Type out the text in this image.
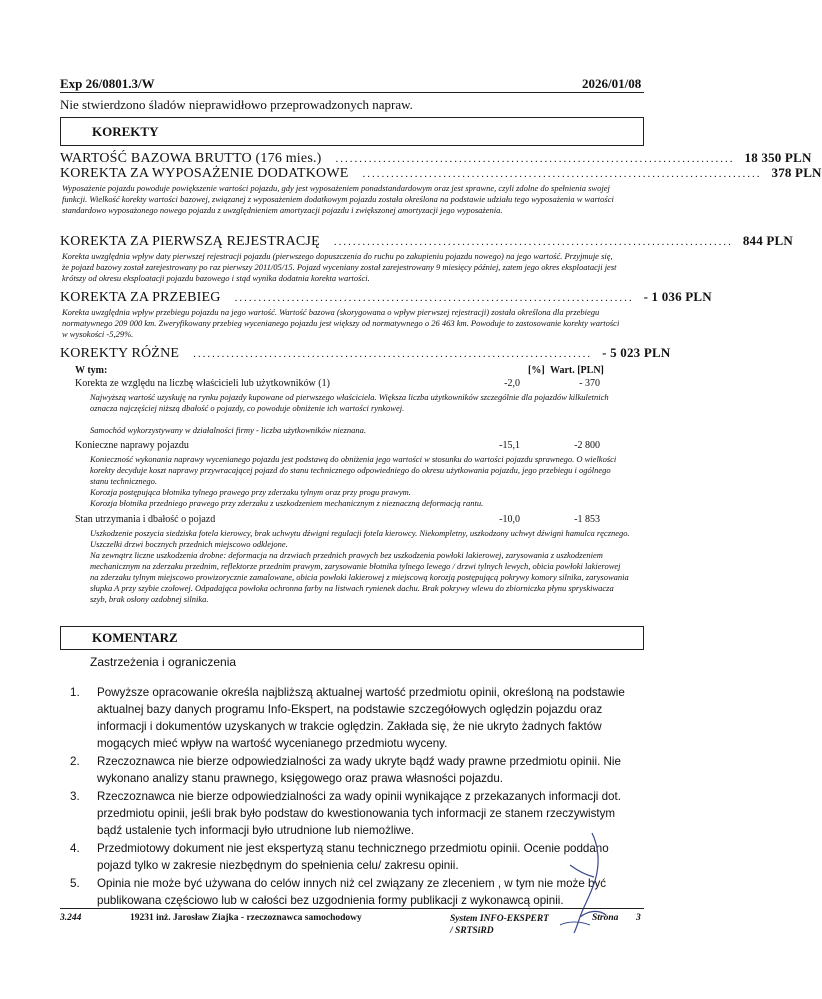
Exp 26/0801.3/W	2026/01/08
Nie stwierdzono śladów nieprawidłowo przeprowadzonych napraw.
KOREKTY
WARTOŚĆ BAZOWA BRUTTO (176 mies.) .................................................................................... 18 350 PLN
KOREKTA ZA WYPOSAŻENIE DODATKOWE .................................................................................... 378 PLN
Wyposażenie pojazdu powoduje powiększenie wartości pojazdu, gdy jest wyposażeniem ponadstandardowym oraz jest sprawne, czyli zdolne do spełnienia swojej funkcji. Wielkość korekty wartości bazowej, związanej z wyposażeniem dodatkowym pojazdu została określona na podstawie udziału tego wyposażenia w wartości standardowo wyposażonego nowego pojazdu z uwzględnieniem amortyzacji pojazdu i zwiększonej amortyzacji jego wyposażenia.
KOREKTA ZA PIERWSZĄ REJESTRACJĘ .................................................................................... 844 PLN
Korekta uwzględnia wpływ daty pierwszej rejestracji pojazdu (pierwszego dopuszczenia do ruchu po zakupieniu pojazdu nowego) na jego wartość. Przyjmuje się, że pojazd bazowy został zarejestrowany po raz pierwszy 2011/05/15. Pojazd wyceniany został zarejestrowany 9 miesięcy później, zatem jego okres eksploatacji jest krótszy od okresu eksploatacji pojazdu bazowego i stąd wynika dodatnia korekta wartości.
KOREKTA ZA PRZEBIEG .................................................................................... - 1 036 PLN
Korekta uwzględnia wpływ przebiegu pojazdu na jego wartość. Wartość bazowa (skorygowana o wpływ pierwszej rejestracji) została określona dla przebiegu normatywnego 209 000 km. Zweryfikowany przebieg wycenianego pojazdu jest większy od normatywnego o 26 463 km. Powoduje to zastosowanie korekty wartości w wysokości -5,29%.
KOREKTY RÓŻNE .................................................................................... - 5 023 PLN
W tym:	[%] Wart. [PLN]
Korekta ze względu na liczbę właścicieli lub użytkowników (1)	-2,0	- 370
Najwyższą wartość uzyskuję na rynku pojazdy kupowane od pierwszego właściciela. Większa liczba użytkowników szczególnie dla pojazdów kilkuletnich oznacza najczęściej niższą dbałość o pojazdy, co powoduje obniżenie ich wartości rynkowej.
Samochód wykorzystywany w działalności firmy - liczba użytkowników nieznana.
Konieczne naprawy pojazdu	-15,1	-2 800
Konieczność wykonania naprawy wycenianego pojazdu jest podstawą do obniżenia jego wartości w stosunku do wartości pojazdu sprawnego. O wielkości korekty decyduje koszt naprawy przywracającej pojazd do stanu technicznego odpowiedniego do okresu użytkowania pojazdu, jego przebiegu i ogólnego stanu technicznego.
Korozja postępująca błotnika tylnego prawego przy zderzaku tylnym oraz przy progu prawym.
Korozja błotnika przedniego prawego przy zderzaku z uszkodzeniem mechanicznym z nieznaczną deformacją rantu.
Stan utrzymania i dbałość o pojazd	-10,0	-1 853
Uszkodzenie poszycia siedziska fotela kierowcy, brak uchwytu dźwigni regulacji fotela kierowcy. Niekompletny, uszkodzony uchwyt dźwigni hamulca ręcznego. Uszczelki drzwi bocznych przednich miejscowo odklejone.
Na zewnątrz liczne uszkodzenia drobne: deformacja na drzwiach przednich prawych bez uszkodzenia powłoki lakierowej, zarysowania z uszkodzeniem mechanicznym na zderzaku przednim, reflektorze przednim prawym, zarysowanie błotnika tylnego lewego / drzwi tylnych lewych, obicia powłoki lakierowej na zderzaku tylnym miejscowo prowizorycznie zamalowane, obicia powłoki lakierowej z miejscową korozją postępującą pokrywy komory silnika, zarysowania słupka A przy szybie czołowej. Odpadająca powłoka ochronna farby na listwach rynienek dachu. Brak pokrywy wlewu do zbiorniczka płynu spryskiwacza szyb, brak osłony ozdobnej silnika.
KOMENTARZ
Zastrzeżenia i ograniczenia
1. Powyższe opracowanie określa najbliższą aktualnej wartość przedmiotu opinii, określoną na podstawie aktualnej bazy danych programu Info-Ekspert, na podstawie szczegółowych oględzin pojazdu oraz informacji i dokumentów uzyskanych w trakcie oględzin. Zakłada się, że nie ukryto żadnych faktów mogących mieć wpływ na wartość wycenianego przedmiotu wyceny.
2. Rzeczoznawca nie bierze odpowiedzialności za wady ukryte bądź wady prawne przedmiotu opinii. Nie wykonano analizy stanu prawnego, księgowego oraz prawa własności pojazdu.
3. Rzeczoznawca nie bierze odpowiedzialności za wady opinii wynikające z przekazanych informacji dot. przedmiotu opinii, jeśli brak było podstaw do kwestionowania tych informacji ze stanem rzeczywistym bądź ustalenie tych informacji było utrudnione lub niemożliwe.
4. Przedmiotowy dokument nie jest ekspertyzą stanu technicznego przedmiotu opinii. Ocenie poddano pojazd tylko w zakresie niezbędnym do spełnienia celu/ zakresu opinii.
5. Opinia nie może być używana do celów innych niż cel związany ze zleceniem , w tym nie może być publikowana częściowo lub w całości bez uzgodnienia formy publikacji z wykonawcą opinii.
3.244	19231 inż. Jarosław Ziajka - rzeczoznawca samochodowy	System INFO-EKSPERT / SRTSiRD
Strona 3
